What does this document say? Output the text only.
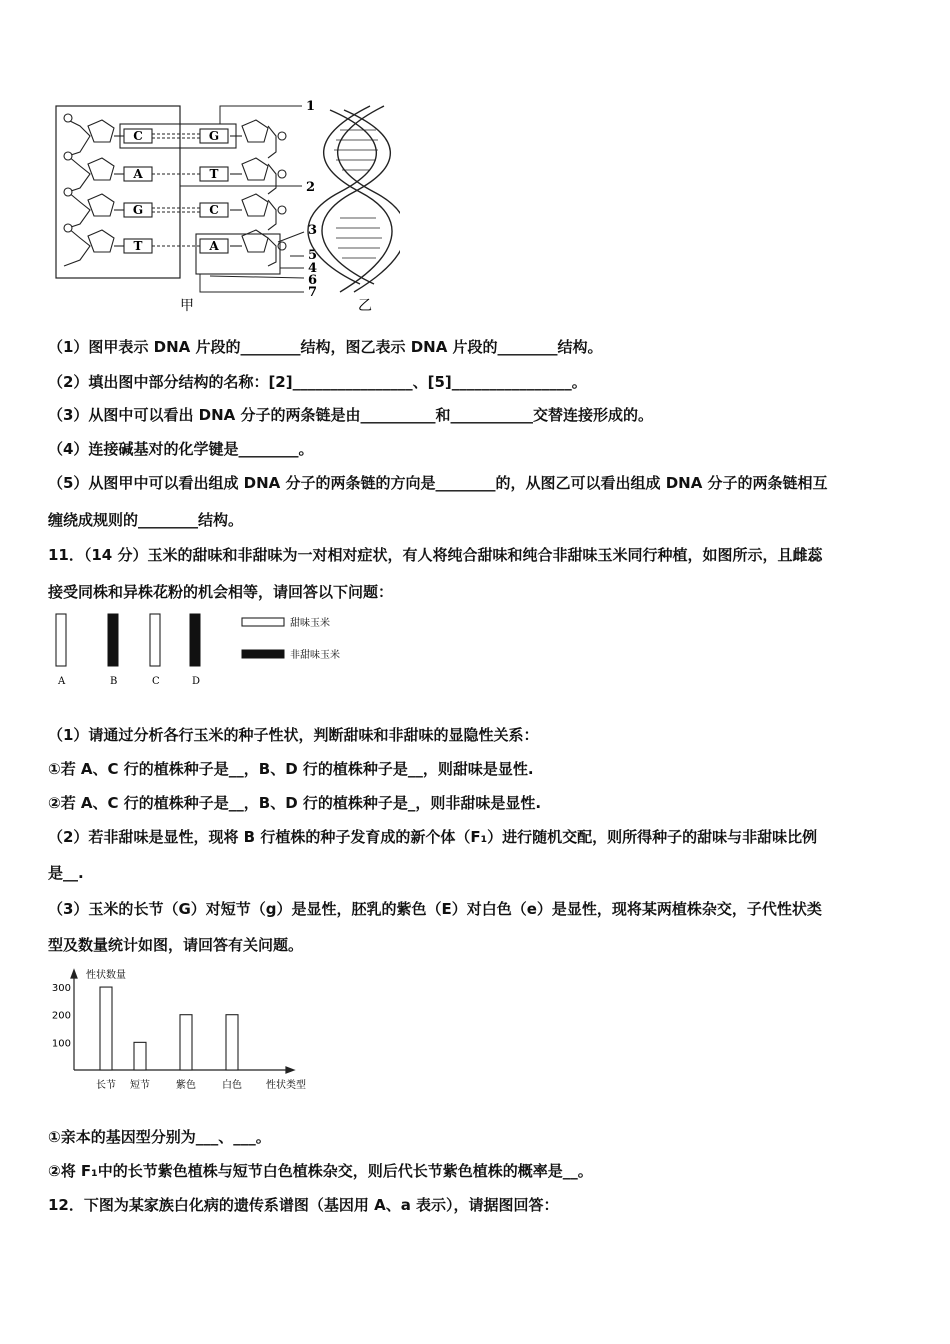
C	G
A	T
G	C
T	A
1
2
3
5
4
6
7
甲	乙
（1）图甲表示 DNA 片段的________结构，图乙表示 DNA 片段的________结构。
（2）填出图中部分结构的名称：[2]________________、[5]________________。
（3）从图中可以看出 DNA 分子的两条链是由__________和___________交替连接形成的。
（4）连接碱基对的化学键是________。
（5）从图甲中可以看出组成 DNA 分子的两条链的方向是________的，从图乙可以看出组成 DNA 分子的两条链相互
缠绕成规则的________结构。
11．（14 分）玉米的甜味和非甜味为一对相对症状，有人将纯合甜味和纯合非甜味玉米同行种植，如图所示，且雌蕊
接受同株和异株花粉的机会相等，请回答以下问题：
甜味玉米
非甜味玉米
A	B	C	D
（1）请通过分析各行玉米的种子性状，判断甜味和非甜味的显隐性关系：
①若 A、C 行的植株种子是__，B、D 行的植株种子是__，则甜味是显性.
②若 A、C 行的植株种子是__，B、D 行的植株种子是_，则非甜味是显性.
（2）若非甜味是显性，现将 B 行植株的种子发育成的新个体（F₁）进行随机交配，则所得种子的甜味与非甜味比例
是__.
（3）玉米的长节（G）对短节（g）是显性，胚乳的紫色（E）对白色（e）是显性，现将某两植株杂交，子代性状类
型及数量统计如图，请回答有关问题。
性状数量
性状类型
100
200
300
长节 短节	紫色	白色
①亲本的基因型分别为___、___。
②将 F₁中的长节紫色植株与短节白色植株杂交，则后代长节紫色植株的概率是__。
12．下图为某家族白化病的遗传系谱图（基因用 A、a 表示），请据图回答：
